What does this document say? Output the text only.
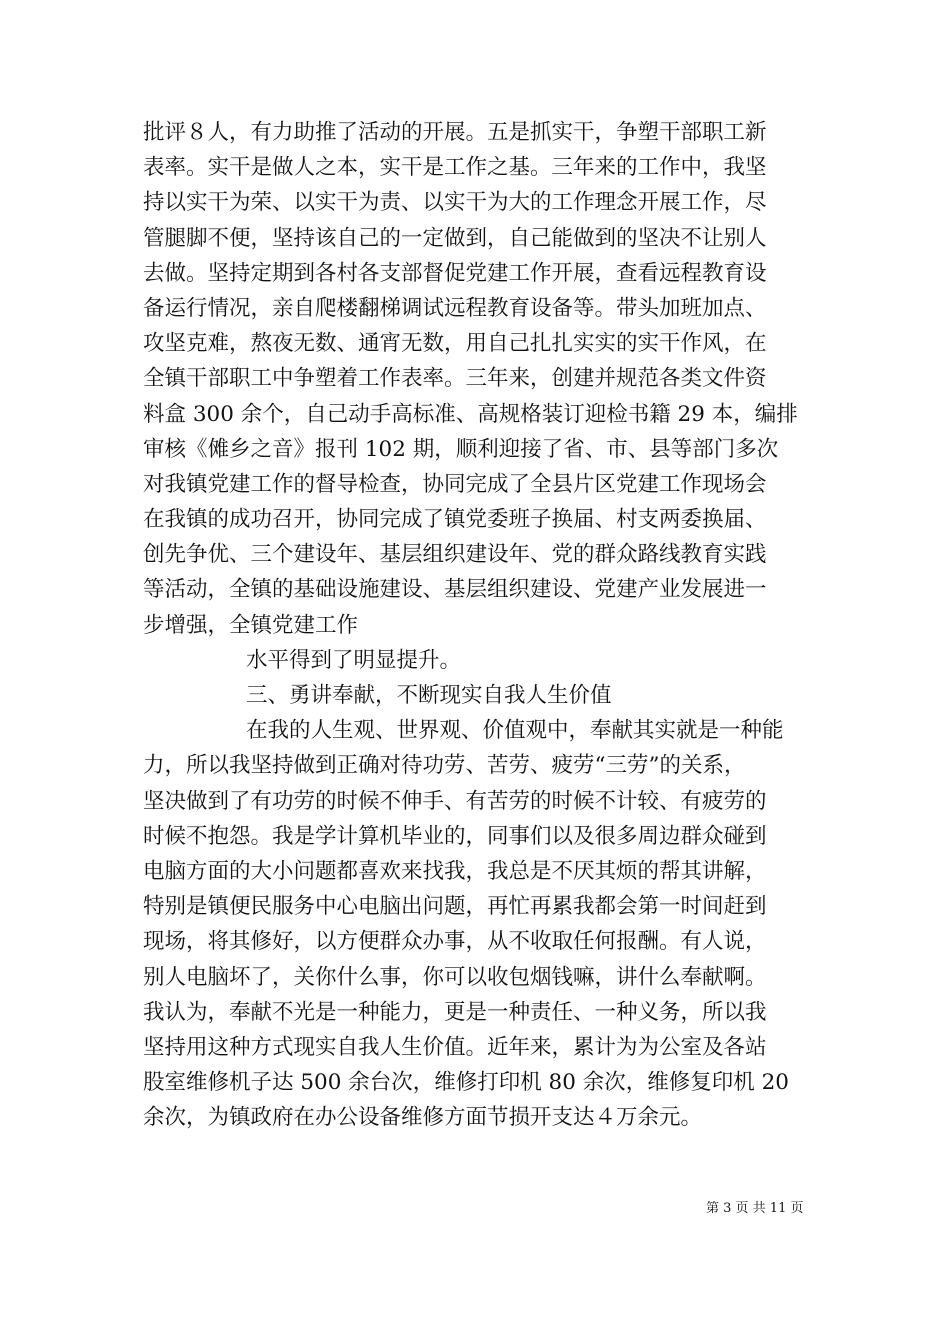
批评８人，有力助推了活动的开展。五是抓实干，争塑干部职工新
表率。实干是做人之本，实干是工作之基。三年来的工作中，我坚
持以实干为荣、以实干为责、以实干为大的工作理念开展工作，尽
管腿脚不便，坚持该自己的一定做到，自己能做到的坚决不让别人
去做。坚持定期到各村各支部督促党建工作开展，查看远程教育设
备运行情况，亲自爬楼翻梯调试远程教育设备等。带头加班加点、
攻坚克难，熬夜无数、通宵无数，用自己扎扎实实的实干作风，在
全镇干部职工中争塑着工作表率。三年来，创建并规范各类文件资
料盒 300 余个，自己动手高标准、高规格装订迎检书籍 29 本，编排
审核《傩乡之音》报刊 102 期，顺利迎接了省、市、县等部门多次
对我镇党建工作的督导检查，协同完成了全县片区党建工作现场会
在我镇的成功召开，协同完成了镇党委班子换届、村支两委换届、
创先争优、三个建设年、基层组织建设年、党的群众路线教育实践
等活动，全镇的基础设施建设、基层组织建设、党建产业发展进一
步增强，全镇党建工作
水平得到了明显提升。
三、勇讲奉献，不断现实自我人生价值
在我的人生观、世界观、价值观中，奉献其实就是一种能
力，所以我坚持做到正确对待功劳、苦劳、疲劳“三劳”的关系，
坚决做到了有功劳的时候不伸手、有苦劳的时候不计较、有疲劳的
时候不抱怨。我是学计算机毕业的，同事们以及很多周边群众碰到
电脑方面的大小问题都喜欢来找我，我总是不厌其烦的帮其讲解，
特别是镇便民服务中心电脑出问题，再忙再累我都会第一时间赶到
现场，将其修好，以方便群众办事，从不收取任何报酬。有人说，
别人电脑坏了，关你什么事，你可以收包烟钱嘛，讲什么奉献啊。
我认为，奉献不光是一种能力，更是一种责任、一种义务，所以我
坚持用这种方式现实自我人生价值。近年来，累计为为公室及各站
股室维修机子达 500 余台次，维修打印机 80 余次，维修复印机 20
余次，为镇政府在办公设备维修方面节损开支达４万余元。
第 3 页 共 11 页
